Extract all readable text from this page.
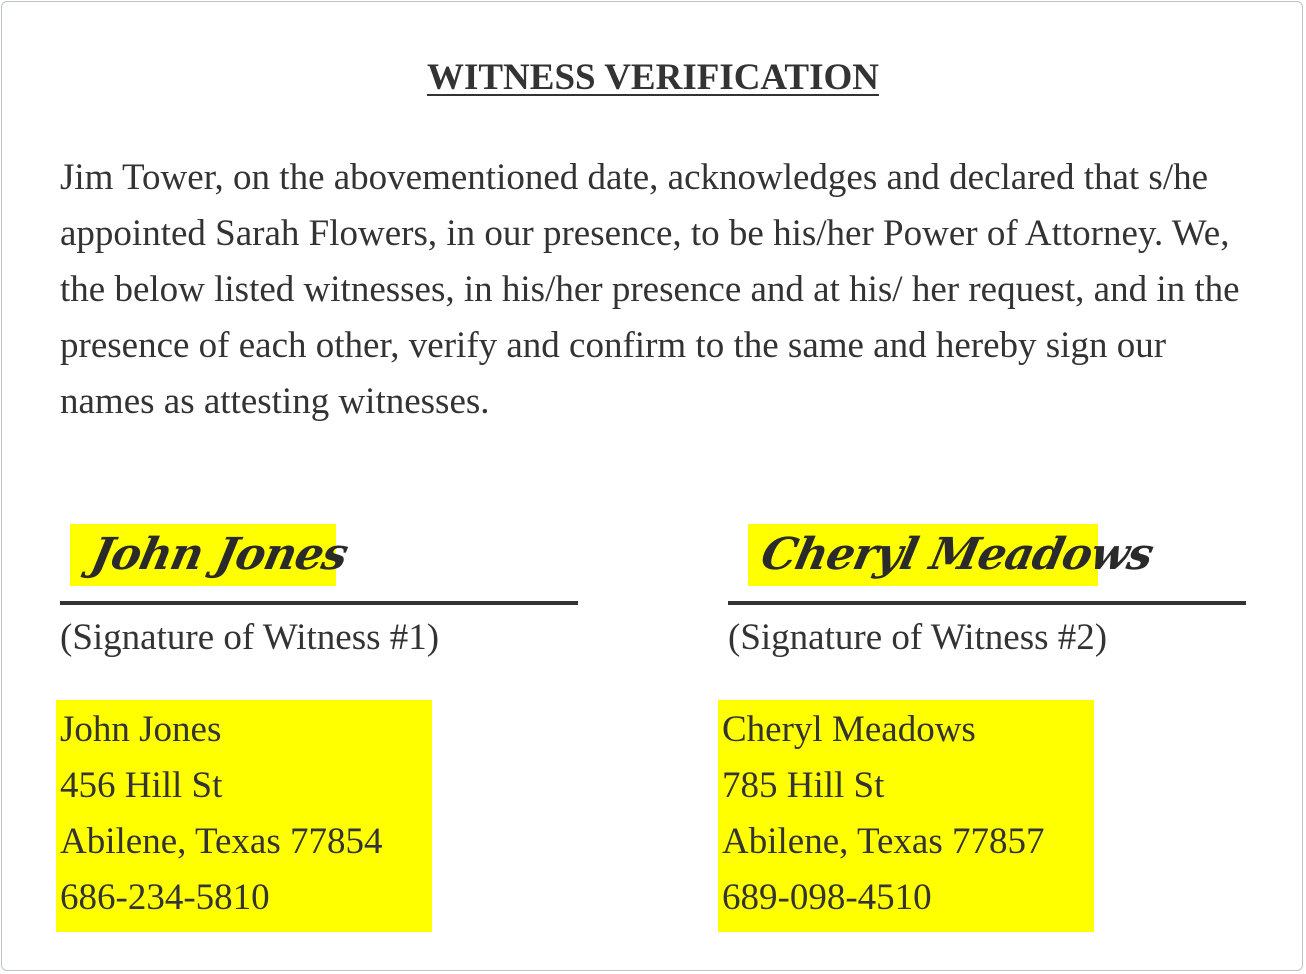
WITNESS VERIFICATION
Jim Tower, on the abovementioned date, acknowledges and declared that s/he appointed Sarah Flowers, in our presence, to be his/her Power of Attorney. We, the below listed witnesses, in his/her presence and at his/ her request, and in the presence of each other, verify and confirm to the same and hereby sign our names as attesting witnesses.
John Jones
(Signature of Witness #1)
Cheryl Meadows
(Signature of Witness #2)
John Jones
456 Hill St
Abilene, Texas 77854
686-234-5810
Cheryl Meadows
785 Hill St
Abilene, Texas 77857
689-098-4510
